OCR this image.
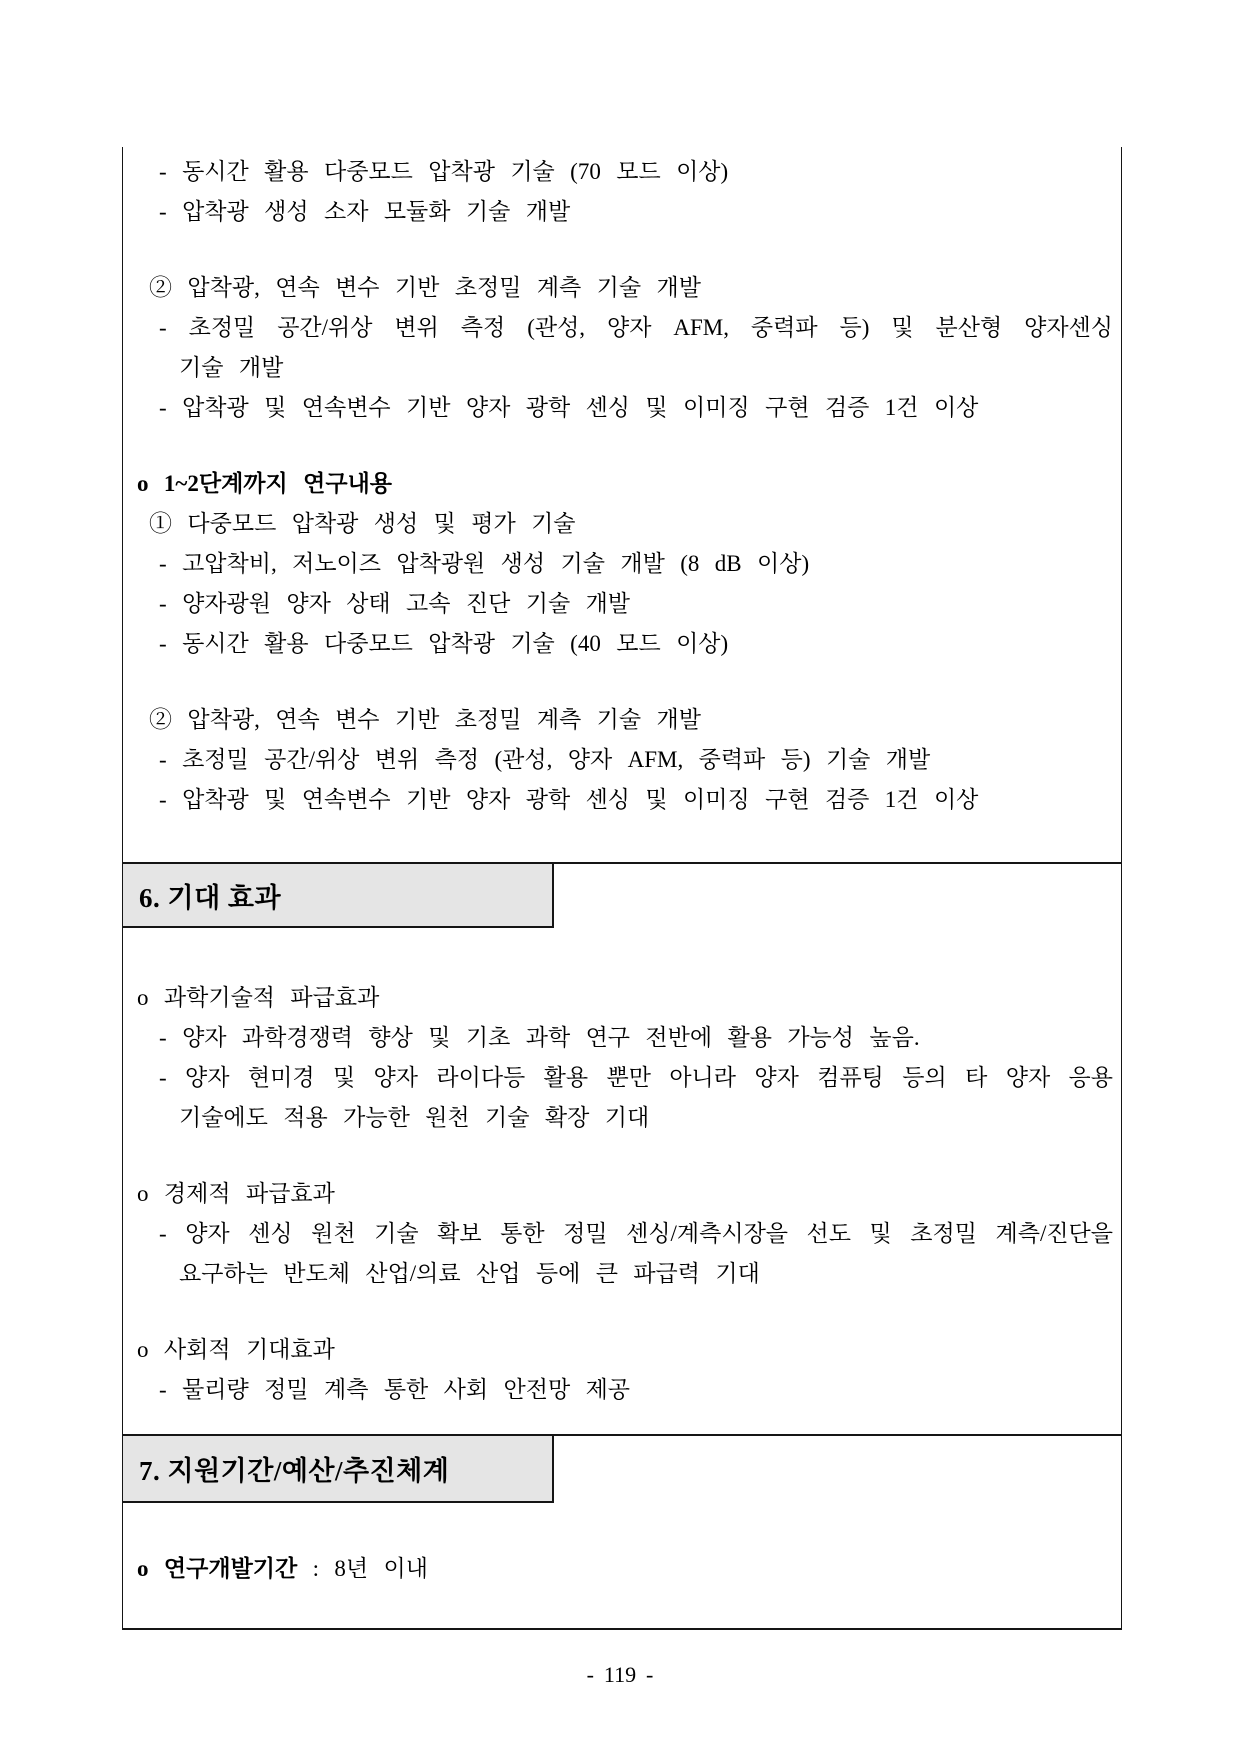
- 동시간 활용 다중모드 압착광 기술 (70 모드 이상)
- 압착광 생성 소자 모듈화 기술 개발
② 압착광, 연속 변수 기반 초정밀 계측 기술 개발
- 초정밀 공간/위상 변위 측정 (관성, 양자 AFM, 중력파 등) 및 분산형 양자센싱
기술 개발
- 압착광 및 연속변수 기반 양자 광학 센싱 및 이미징 구현 검증 1건 이상
o 1~2단계까지 연구내용
① 다중모드 압착광 생성 및 평가 기술
- 고압착비, 저노이즈 압착광원 생성 기술 개발 (8 dB 이상)
- 양자광원 양자 상태 고속 진단 기술 개발
- 동시간 활용 다중모드 압착광 기술 (40 모드 이상)
② 압착광, 연속 변수 기반 초정밀 계측 기술 개발
- 초정밀 공간/위상 변위 측정 (관성, 양자 AFM, 중력파 등) 기술 개발
- 압착광 및 연속변수 기반 양자 광학 센싱 및 이미징 구현 검증 1건 이상
6. 기대 효과
o 과학기술적 파급효과
- 양자 과학경쟁력 향상 및 기초 과학 연구 전반에 활용 가능성 높음.
- 양자 현미경 및 양자 라이다등 활용 뿐만 아니라 양자 컴퓨팅 등의 타 양자 응용
기술에도 적용 가능한 원천 기술 확장 기대
o 경제적 파급효과
- 양자 센싱 원천 기술 확보 통한 정밀 센싱/계측시장을 선도 및 초정밀 계측/진단을
요구하는 반도체 산업/의료 산업 등에 큰 파급력 기대
o 사회적 기대효과
- 물리량 정밀 계측 통한 사회 안전망 제공
7. 지원기간/예산/추진체계
o 연구개발기간 : 8년 이내
- 119 -
